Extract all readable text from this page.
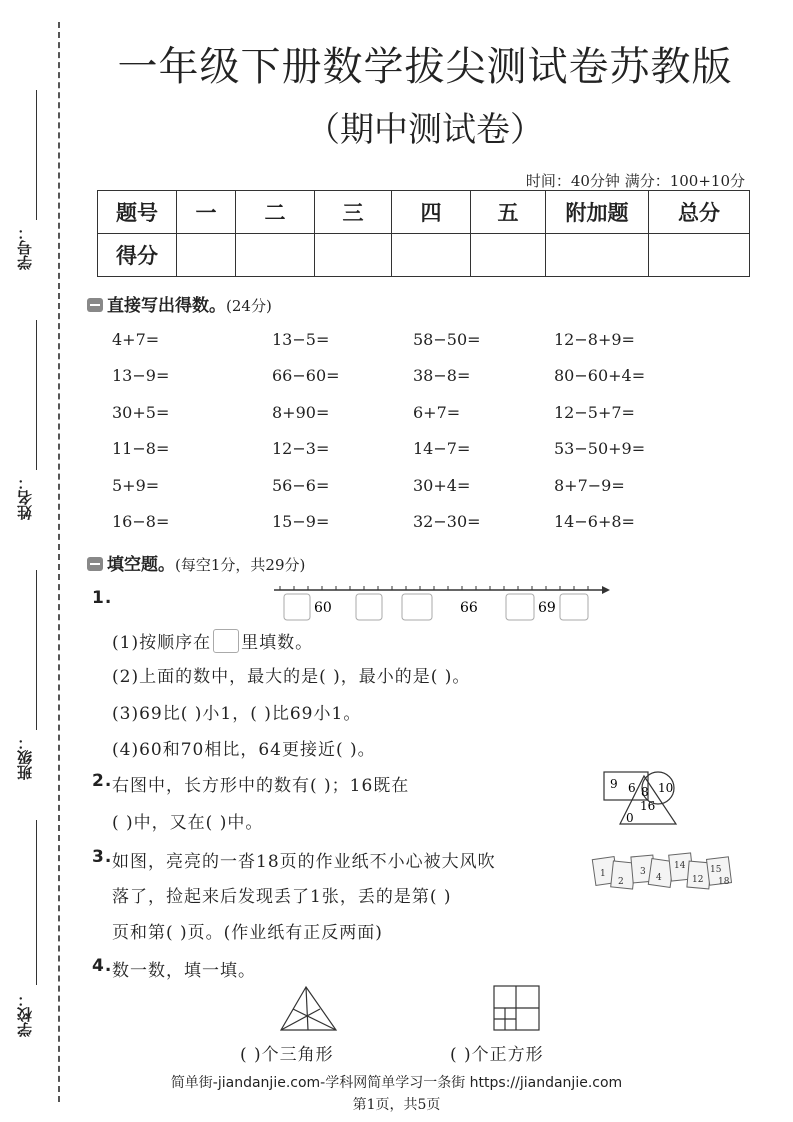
学号：
姓名：
班级：
学校：
一年级下册数学拔尖测试卷苏教版
（期中测试卷）
时间：40分钟 满分：100+10分
题号	一	二	三	四	五	附加题	总分
得分							
直接写出得数。(24分)
4+7=	13−5=	58−50=	12−8+9=
13−9=	66−60=	38−8=	80−60+4=
30+5=	8+90=	6+7=	12−5+7=
11−8=	12−3=	14−7=	53−50+9=
5+9=	56−6=	30+4=	8+7−9=
16−8=	15−9=	32−30=	14−6+8=
填空题。(每空1分，共29分)
1.	60	66	69
(1)按顺序在 里填数。
(2)上面的数中，最大的是( )，最小的是( )。
(3)69比( )小1，( )比69小1。
(4)60和70相比，64更接近( )。
2. 右图中，长方形中的数有( )；16既在
( )中，又在( )中。
9 6 8 10
16
0
3. 如图，亮亮的一沓18页的作业纸不小心被大风吹
落了，捡起来后发现丢了1张，丢的是第( )
页和第( )页。(作业纸有正反两面)
1
2
3
4
14
12
15
18
4. 数一数，填一填。
( )个三角形	( )个正方形
简单街-jiandanjie.com-学科网简单学习一条街 https://jiandanjie.com
第1页，共5页
